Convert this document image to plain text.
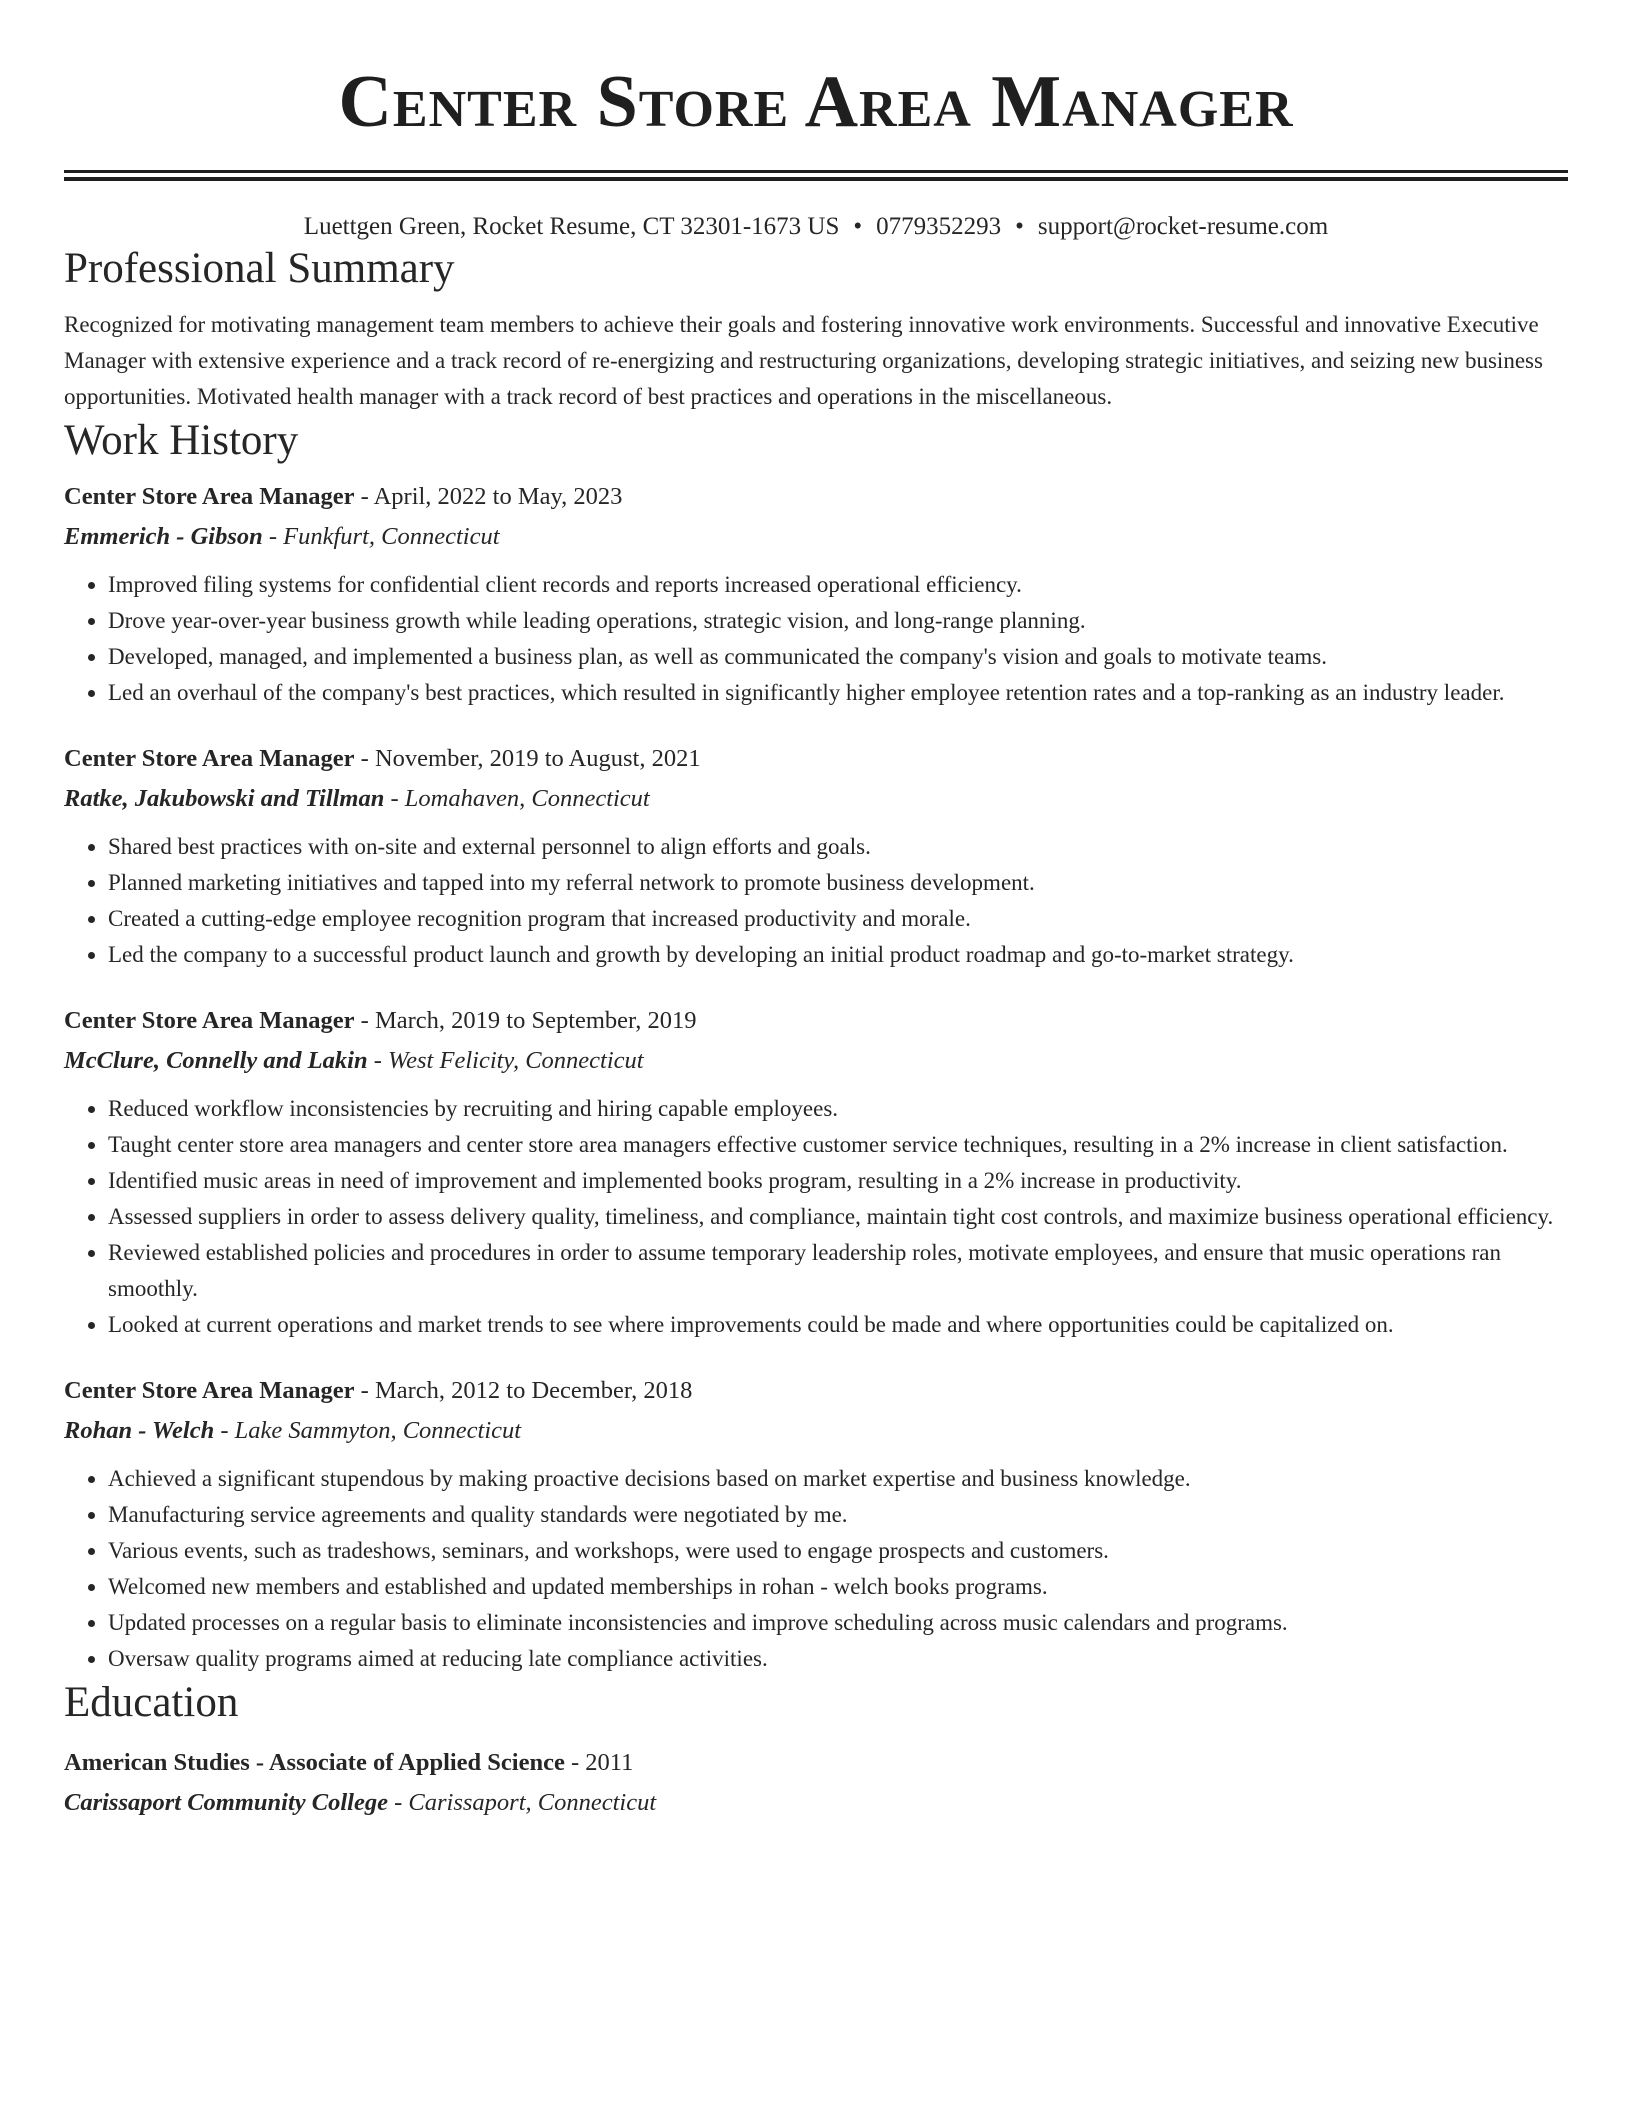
Center Store Area Manager
Luettgen Green, Rocket Resume, CT 32301-1673 US • 0779352293 • support@rocket-resume.com
Professional Summary
Recognized for motivating management team members to achieve their goals and fostering innovative work environments. Successful and innovative Executive Manager with extensive experience and a track record of re-energizing and restructuring organizations, developing strategic initiatives, and seizing new business opportunities. Motivated health manager with a track record of best practices and operations in the miscellaneous.
Work History
Center Store Area Manager - April, 2022 to May, 2023
Emmerich - Gibson - Funkfurt, Connecticut
• Improved filing systems for confidential client records and reports increased operational efficiency.
• Drove year-over-year business growth while leading operations, strategic vision, and long-range planning.
• Developed, managed, and implemented a business plan, as well as communicated the company's vision and goals to motivate teams.
• Led an overhaul of the company's best practices, which resulted in significantly higher employee retention rates and a top-ranking as an industry leader.
Center Store Area Manager - November, 2019 to August, 2021
Ratke, Jakubowski and Tillman - Lomahaven, Connecticut
• Shared best practices with on-site and external personnel to align efforts and goals.
• Planned marketing initiatives and tapped into my referral network to promote business development.
• Created a cutting-edge employee recognition program that increased productivity and morale.
• Led the company to a successful product launch and growth by developing an initial product roadmap and go-to-market strategy.
Center Store Area Manager - March, 2019 to September, 2019
McClure, Connelly and Lakin - West Felicity, Connecticut
• Reduced workflow inconsistencies by recruiting and hiring capable employees.
• Taught center store area managers and center store area managers effective customer service techniques, resulting in a 2% increase in client satisfaction.
• Identified music areas in need of improvement and implemented books program, resulting in a 2% increase in productivity.
• Assessed suppliers in order to assess delivery quality, timeliness, and compliance, maintain tight cost controls, and maximize business operational efficiency.
• Reviewed established policies and procedures in order to assume temporary leadership roles, motivate employees, and ensure that music operations ran smoothly.
• Looked at current operations and market trends to see where improvements could be made and where opportunities could be capitalized on.
Center Store Area Manager - March, 2012 to December, 2018
Rohan - Welch - Lake Sammyton, Connecticut
• Achieved a significant stupendous by making proactive decisions based on market expertise and business knowledge.
• Manufacturing service agreements and quality standards were negotiated by me.
• Various events, such as tradeshows, seminars, and workshops, were used to engage prospects and customers.
• Welcomed new members and established and updated memberships in rohan - welch books programs.
• Updated processes on a regular basis to eliminate inconsistencies and improve scheduling across music calendars and programs.
• Oversaw quality programs aimed at reducing late compliance activities.
Education
American Studies - Associate of Applied Science - 2011
Carissaport Community College - Carissaport, Connecticut
